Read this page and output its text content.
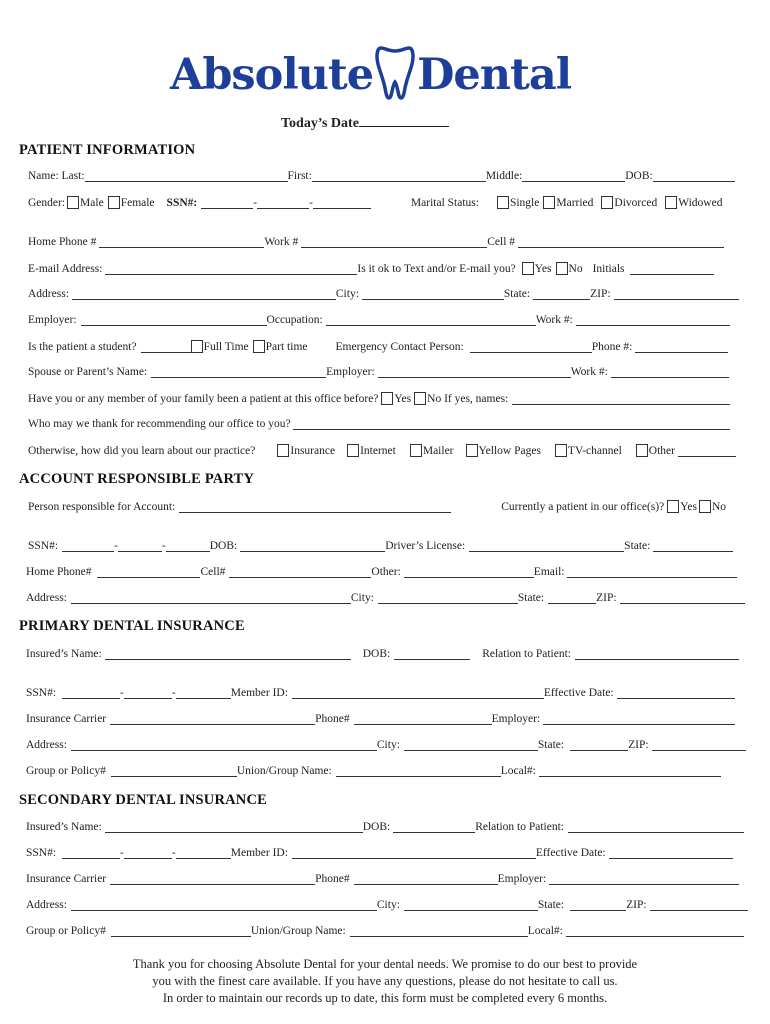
Absolute Dental
Today’s Date
PATIENT INFORMATION
Name: Last:	First:	Middle:	DOB:
Gender: Male Female SSN#:	-	-	Marital Status:	Single Married Divorced Widowed
Home Phone #	Work #	Cell #
E-mail Address:	Is it ok to Text and/or E-mail you? Yes No Initials
Address:	City:	State:	ZIP:
Employer:	Occupation:	Work #:
Is the patient a student?	Full Time Part time Emergency Contact Person:	Phone #:
Spouse or Parent’s Name:	Employer:	Work #:
Have you or any member of your family been a patient at this office before? Yes No If yes, names:
Who may we thank for recommending our office to you?
Otherwise, how did you learn about our practice?	Insurance Internet Mailer Yellow Pages TV-channel Other
ACCOUNT RESPONSIBLE PARTY
Person responsible for Account:	Currently a patient in our office(s)? Yes No
SSN#:	-	-	DOB:	Driver’s License:	State:
Home Phone#	Cell#	Other:	Email:
Address:	City:	State:	ZIP:
PRIMARY DENTAL INSURANCE
Insured’s Name:	DOB:	Relation to Patient:
SSN#:	-	-	Member ID:	Effective Date:
Insurance Carrier	Phone#	Employer:
Address:	City:	State:	ZIP:
Group or Policy#	Union/Group Name:	Local#:
SECONDARY DENTAL INSURANCE
Insured’s Name:	DOB:	Relation to Patient:
SSN#:	-	-	Member ID:	Effective Date:
Insurance Carrier	Phone#	Employer:
Address:	City:	State:	ZIP:
Group or Policy#	Union/Group Name:	Local#:
Thank you for choosing Absolute Dental for your dental needs. We promise to do our best to provide
you with the finest care available. If you have any questions, please do not hesitate to call us.
In order to maintain our records up to date, this form must be completed every 6 months.
